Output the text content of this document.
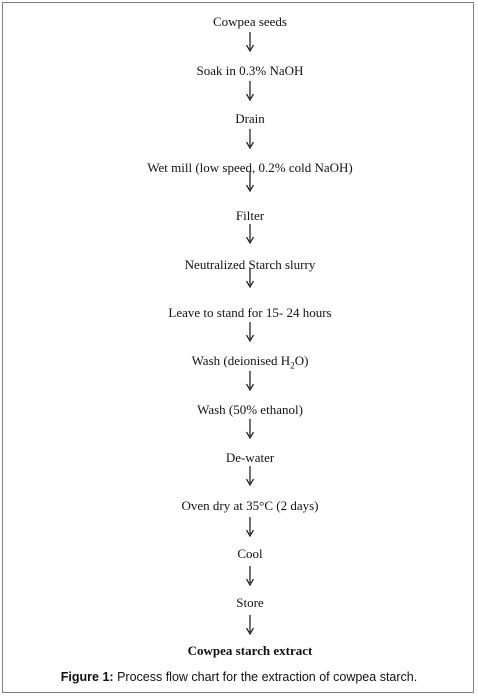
Cowpea seeds
Soak in 0.3% NaOH
Drain
Wet mill (low speed, 0.2% cold NaOH)
Filter
Neutralized Starch slurry
Leave to stand for 15- 24 hours
Wash (deionised $H_2O$)
Wash (50% ethanol)
De-water
Oven dry at 35°C (2 days)
Cool
Store
Cowpea starch extract
Figure 1: Process flow chart for the extraction of cowpea starch.
